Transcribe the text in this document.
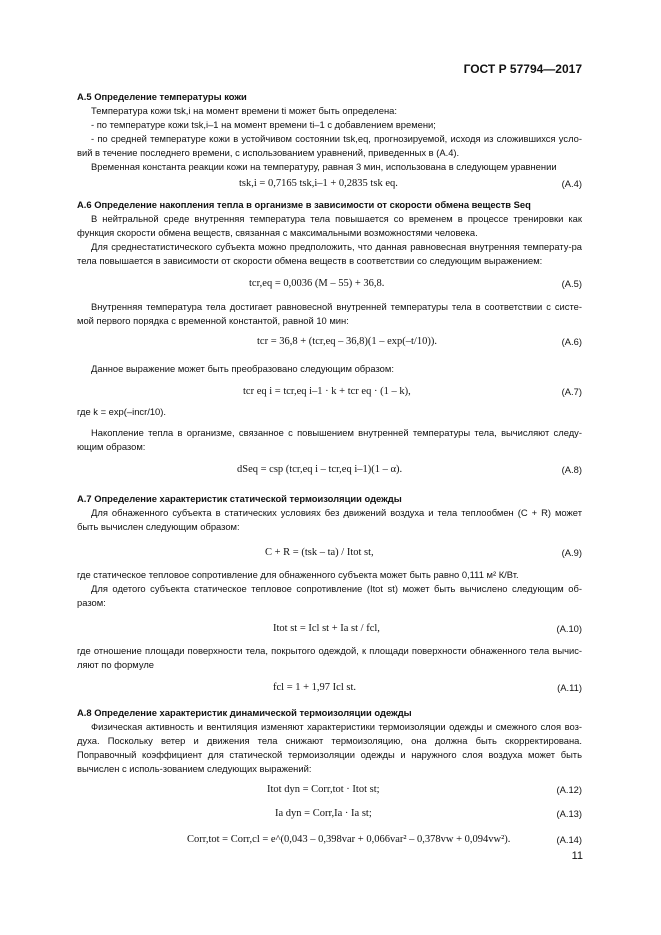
ГОСТ Р 57794—2017
А.5 Определение температуры кожи
Температура кожи tsk,i на момент времени ti может быть определена:
- по температуре кожи tsk,i–1 на момент времени ti–1 с добавлением времени;
- по средней температуре кожи в устойчивом состоянии tsk,eq, прогнозируемой, исходя из сложившихся усло-вий в течение последнего времени, с использованием уравнений, приведенных в (А.4).
Временная константа реакции кожи на температуру, равная 3 мин, использована в следующем уравнении
tsk,i = 0,7165 tsk,i–1 + 0,2835 tsk eq.	(А.4)
А.6 Определение накопления тепла в организме в зависимости от скорости обмена веществ Seq
В нейтральной среде внутренняя температура тела повышается со временем в процессе тренировки как функция скорости обмена веществ, связанная с максимальными возможностями человека.
Для среднестатистического субъекта можно предположить, что данная равновесная внутренняя температу-ра тела повышается в зависимости от скорости обмена веществ в соответствии со следующим выражением:
tcr,eq = 0,0036 (M – 55) + 36,8.	(А.5)
Внутренняя температура тела достигает равновесной внутренней температуры тела в соответствии с систе-мой первого порядка с временной константой, равной 10 мин:
tcr = 36,8 + (tcr,eq – 36,8)(1 – exp(–t/10)).	(А.6)
Данное выражение может быть преобразовано следующим образом:
tcr eq i = tcr,eq i–1 · k + tcr eq · (1 – k),	(А.7)
где k = exp(–incr/10).
Накопление тепла в организме, связанное с повышением внутренней температуры тела, вычисляют следу-ющим образом:
dSeq = csp (tcr,eq i – tcr,eq i–1)(1 – α).	(А.8)
А.7 Определение характеристик статической термоизоляции одежды
Для обнаженного субъекта в статических условиях без движений воздуха и тела теплообмен (C + R) может быть вычислен следующим образом:
C + R = (tsk – ta) / Itot st,	(А.9)
где статическое тепловое сопротивление для обнаженного субъекта может быть равно 0,111 м² К/Вт.
Для одетого субъекта статическое тепловое сопротивление (Itot st) может быть вычислено следующим об-разом:
Itot st = Icl st + Ia st / fcl,	(А.10)
где отношение площади поверхности тела, покрытого одеждой, к площади поверхности обнаженного тела вычис-ляют по формуле
fcl = 1 + 1,97 Icl st.	(А.11)
А.8 Определение характеристик динамической термоизоляции одежды
Физическая активность и вентиляция изменяют характеристики термоизоляции одежды и смежного слоя воз-духа. Поскольку ветер и движения тела снижают термоизоляцию, она должна быть скорректирована. Поправочный коэффициент для статической термоизоляции одежды и наружного слоя воздуха может быть вычислен с исполь-зованием следующих выражений:
Itot dyn = Corr,tot · Itot st;	(А.12)
Ia dyn = Corr,Ia · Ia st;	(А.13)
Corr,tot = Corr,cl = e^(0,043 – 0,398var + 0,066var² – 0,378vw + 0,094vw²).	(А.14)
11
